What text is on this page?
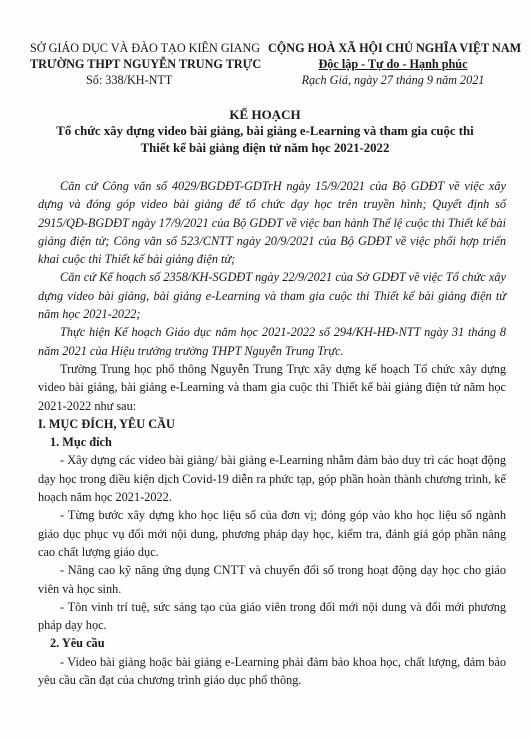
SỞ GIÁO DỤC VÀ ĐÀO TẠO KIÊN GIANG
TRƯỜNG THPT NGUYỄN TRUNG TRỰC
Số: 338/KH-NTT
CỘNG HOÀ XÃ HỘI CHỦ NGHĨA VIỆT NAM
Độc lập - Tự do - Hạnh phúc
Rạch Giá, ngày 27 tháng 9 năm 2021
KẾ HOẠCH
Tổ chức xây dựng video bài giảng, bài giảng e-Learning và tham gia cuộc thi
Thiết kế bài giảng điện tử năm học 2021-2022

Căn cứ Công văn số 4029/BGDĐT-GDTrH ngày 15/9/2021 của Bộ GDĐT về việc xây dựng và đóng góp video bài giảng để tổ chức dạy học trên truyền hình; Quyết định số 2915/QĐ-BGDĐT ngày 17/9/2021 của Bộ GDĐT về việc ban hành Thể lệ cuộc thi Thiết kế bài giảng điện tử; Công văn số 523/CNTT ngày 20/9/2021 của Bộ GDĐT về việc phối hợp triển khai cuộc thi Thiết kế bài giảng điện tử;

Căn cứ Kế hoạch số 2358/KH-SGDĐT ngày 22/9/2021 của Sở GDĐT về việc Tổ chức xây dựng video bài giảng, bài giảng e-Learning và tham gia cuộc thi Thiết kế bài giảng điện tử năm học 2021-2022;

Thực hiện Kế hoạch Giáo dục năm học 2021-2022 số 294/KH-HĐ-NTT ngày 31 tháng 8 năm 2021 của Hiệu trưởng trường THPT Nguyễn Trung Trực.

Trường Trung học phổ thông Nguyễn Trung Trực xây dựng kế hoạch Tổ chức xây dựng video bài giảng, bài giảng e-Learning và tham gia cuộc thi Thiết kế bài giảng điện tử năm học 2021-2022 như sau:

I. MỤC ĐÍCH, YÊU CẦU

1. Mục đích

- Xây dựng các video bài giảng/ bài giảng e-Learning nhằm đảm bảo duy trì các hoạt động dạy học trong điều kiện dịch Covid-19 diễn ra phức tạp, góp phần hoàn thành chương trình, kế hoạch năm học 2021-2022.

- Từng bước xây dựng kho học liệu số của đơn vị; đóng góp vào kho học liệu số ngành giáo dục phục vụ đổi mới nội dung, phương pháp dạy học, kiểm tra, đánh giá góp phần nâng cao chất lượng giáo dục.

- Nâng cao kỹ năng ứng dụng CNTT và chuyển đổi số trong hoạt động dạy học cho giáo viên và học sinh.

- Tôn vinh trí tuệ, sức sáng tạo của giáo viên trong đổi mới nội dung và đổi mới phương pháp dạy học.

2. Yêu cầu

- Video bài giảng hoặc bài giảng e-Learning phải đảm bảo khoa học, chất lượng, đảm bảo yêu cầu cần đạt của chương trình giáo dục phổ thông.
